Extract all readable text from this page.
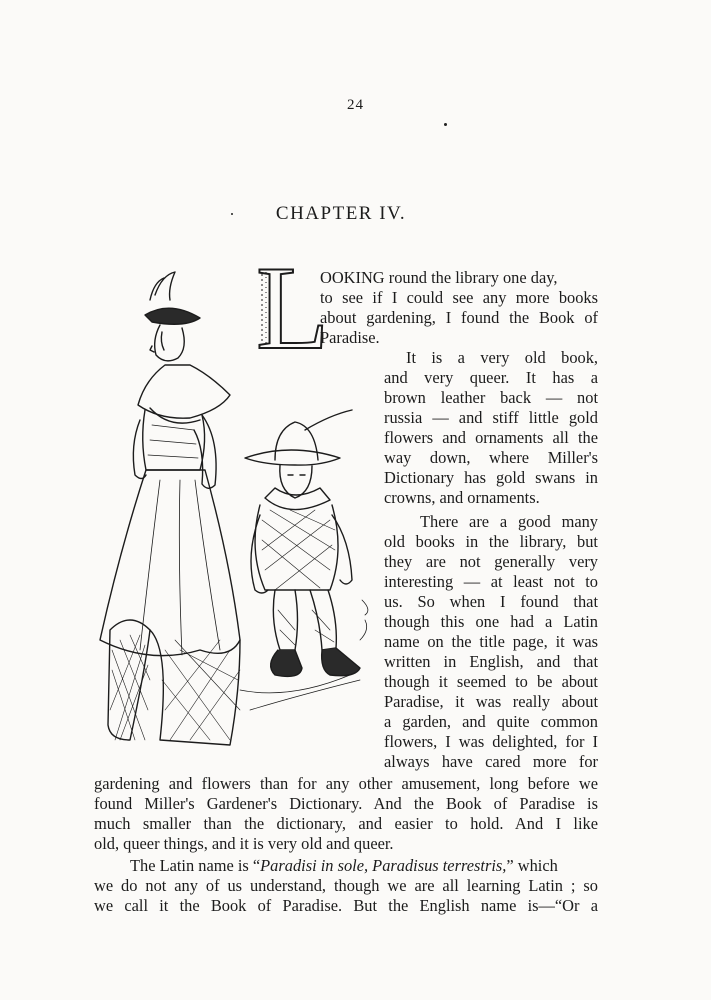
24
CHAPTER IV.
L
OOKING round the library one day,
to see if I could see any more books
about gardening, I found the Book of
Paradise.
It is a very old book,
and very queer. It has a
brown leather back — not
russia — and stiff little gold
flowers and ornaments all the
way down, where Miller's
Dictionary has gold swans in
crowns, and ornaments.
There are a good many
old books in the library, but
they are not generally very
interesting — at least not to
us. So when I found that
though this one had a Latin
name on the title page, it was
written in English, and that
though it seemed to be about
Paradise, it was really about
a garden, and quite common
flowers, I was delighted, for I
always have cared more for
gardening and flowers than for any other amusement, long before we
found Miller's Gardener's Dictionary. And the Book of Paradise is
much smaller than the dictionary, and easier to hold. And I like
old, queer things, and it is very old and queer.
The Latin name is “Paradisi in sole, Paradisus terrestris,” which
we do not any of us understand, though we are all learning Latin ; so
we call it the Book of Paradise. But the English name is—“Or a
